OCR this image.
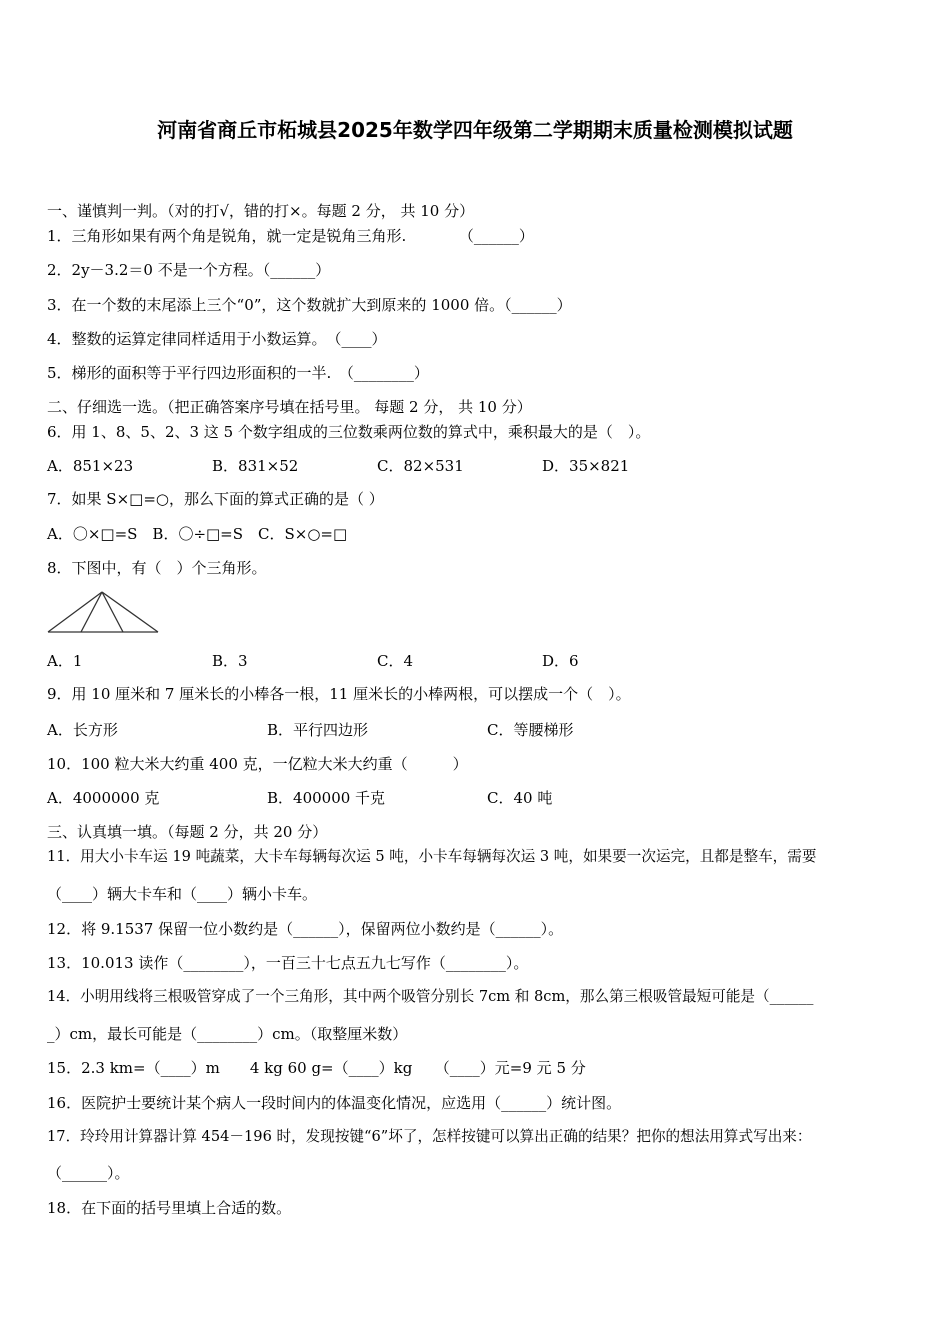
河南省商丘市柘城县2025年数学四年级第二学期期末质量检测模拟试题
一、谨慎判一判。（对的打√，错的打×。每题 2 分， 共 10 分）
1．三角形如果有两个角是锐角，就一定是锐角三角形.　　　　（______）
2．2y－3.2＝0 不是一个方程。（______）
3．在一个数的末尾添上三个“0”，这个数就扩大到原来的 1000 倍。（______）
4．整数的运算定律同样适用于小数运算。　（____）
5．梯形的面积等于平行四边形面积的一半.　（________）
二、仔细选一选。（把正确答案序号填在括号里。 每题 2 分， 共 10 分）
6．用 1、8、5、2、3 这 5 个数字组成的三位数乘两位数的算式中，乘积最大的是（　）。
A．851×23	B．831×52	C．82×531	D．35×821
7．如果 S×□=○，那么下面的算式正确的是（ ）
A．〇×□=S　B．〇÷□=S　C．S×○=□
8．下图中，有（　）个三角形。
A．1	B．3	C．4	D．6
9．用 10 厘米和 7 厘米长的小棒各一根，11 厘米长的小棒两根，可以摆成一个（　）。
A．长方形	B．平行四边形	C．等腰梯形
10．100 粒大米大约重 400 克，一亿粒大米大约重（　　　）
A．4000000 克	B．400000 千克	C．40 吨
三、认真填一填。（每题 2 分，共 20 分）
11．用大小卡车运 19 吨蔬菜，大卡车每辆每次运 5 吨，小卡车每辆每次运 3 吨，如果要一次运完，且都是整车，需要
（____）辆大卡车和（____）辆小卡车。
12．将 9.1537 保留一位小数约是（______），保留两位小数约是（______）。
13．10.013 读作（________），一百三十七点五九七写作（________）。
14．小明用线将三根吸管穿成了一个三角形，其中两个吸管分别长 7cm 和 8cm，那么第三根吸管最短可能是（______
_）cm，最长可能是（________）cm。（取整厘米数）
15．2.3 km=（____）m　　4 kg 60 g=（____）kg　　（____）元=9 元 5 分
16．医院护士要统计某个病人一段时间内的体温变化情况，应选用（______）统计图。
17．玲玲用计算器计算 454－196 时，发现按键“6”坏了，怎样按键可以算出正确的结果？把你的想法用算式写出来：
（______）。
18．在下面的括号里填上合适的数。
